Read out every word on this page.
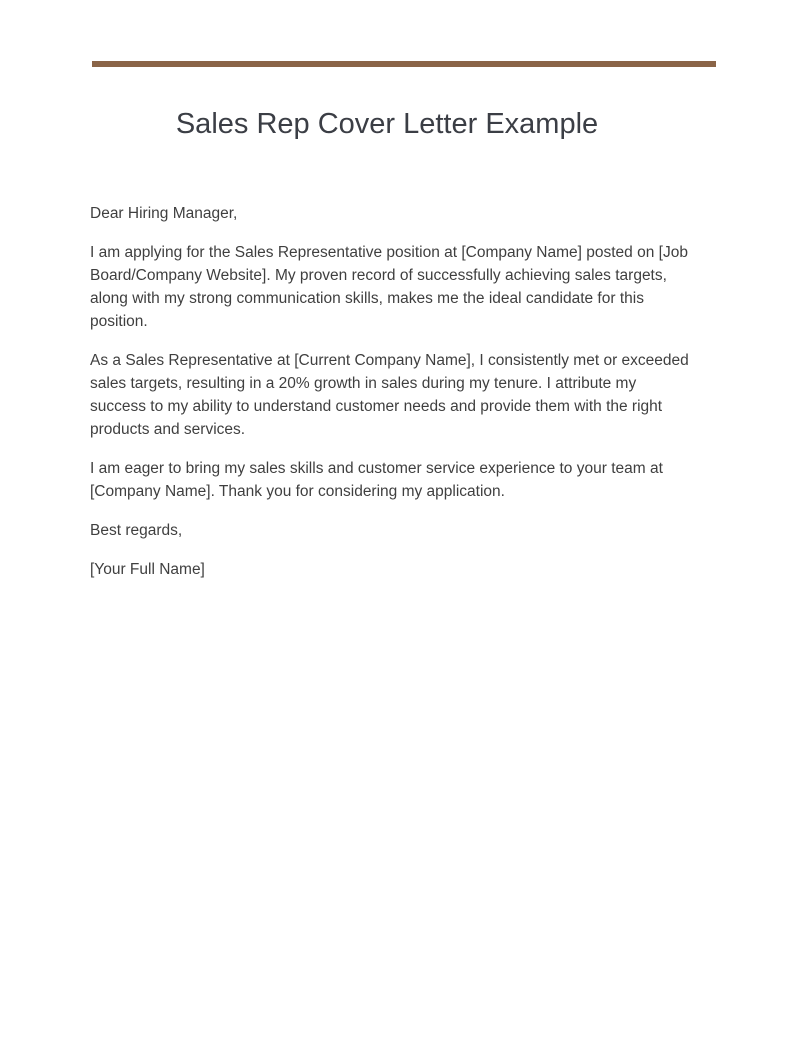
Sales Rep Cover Letter Example

Dear Hiring Manager,

I am applying for the Sales Representative position at [Company Name] posted on [Job Board/Company Website]. My proven record of successfully achieving sales targets, along with my strong communication skills, makes me the ideal candidate for this position.

As a Sales Representative at [Current Company Name], I consistently met or exceeded sales targets, resulting in a 20% growth in sales during my tenure. I attribute my success to my ability to understand customer needs and provide them with the right products and services.

I am eager to bring my sales skills and customer service experience to your team at [Company Name]. Thank you for considering my application.

Best regards,

[Your Full Name]
